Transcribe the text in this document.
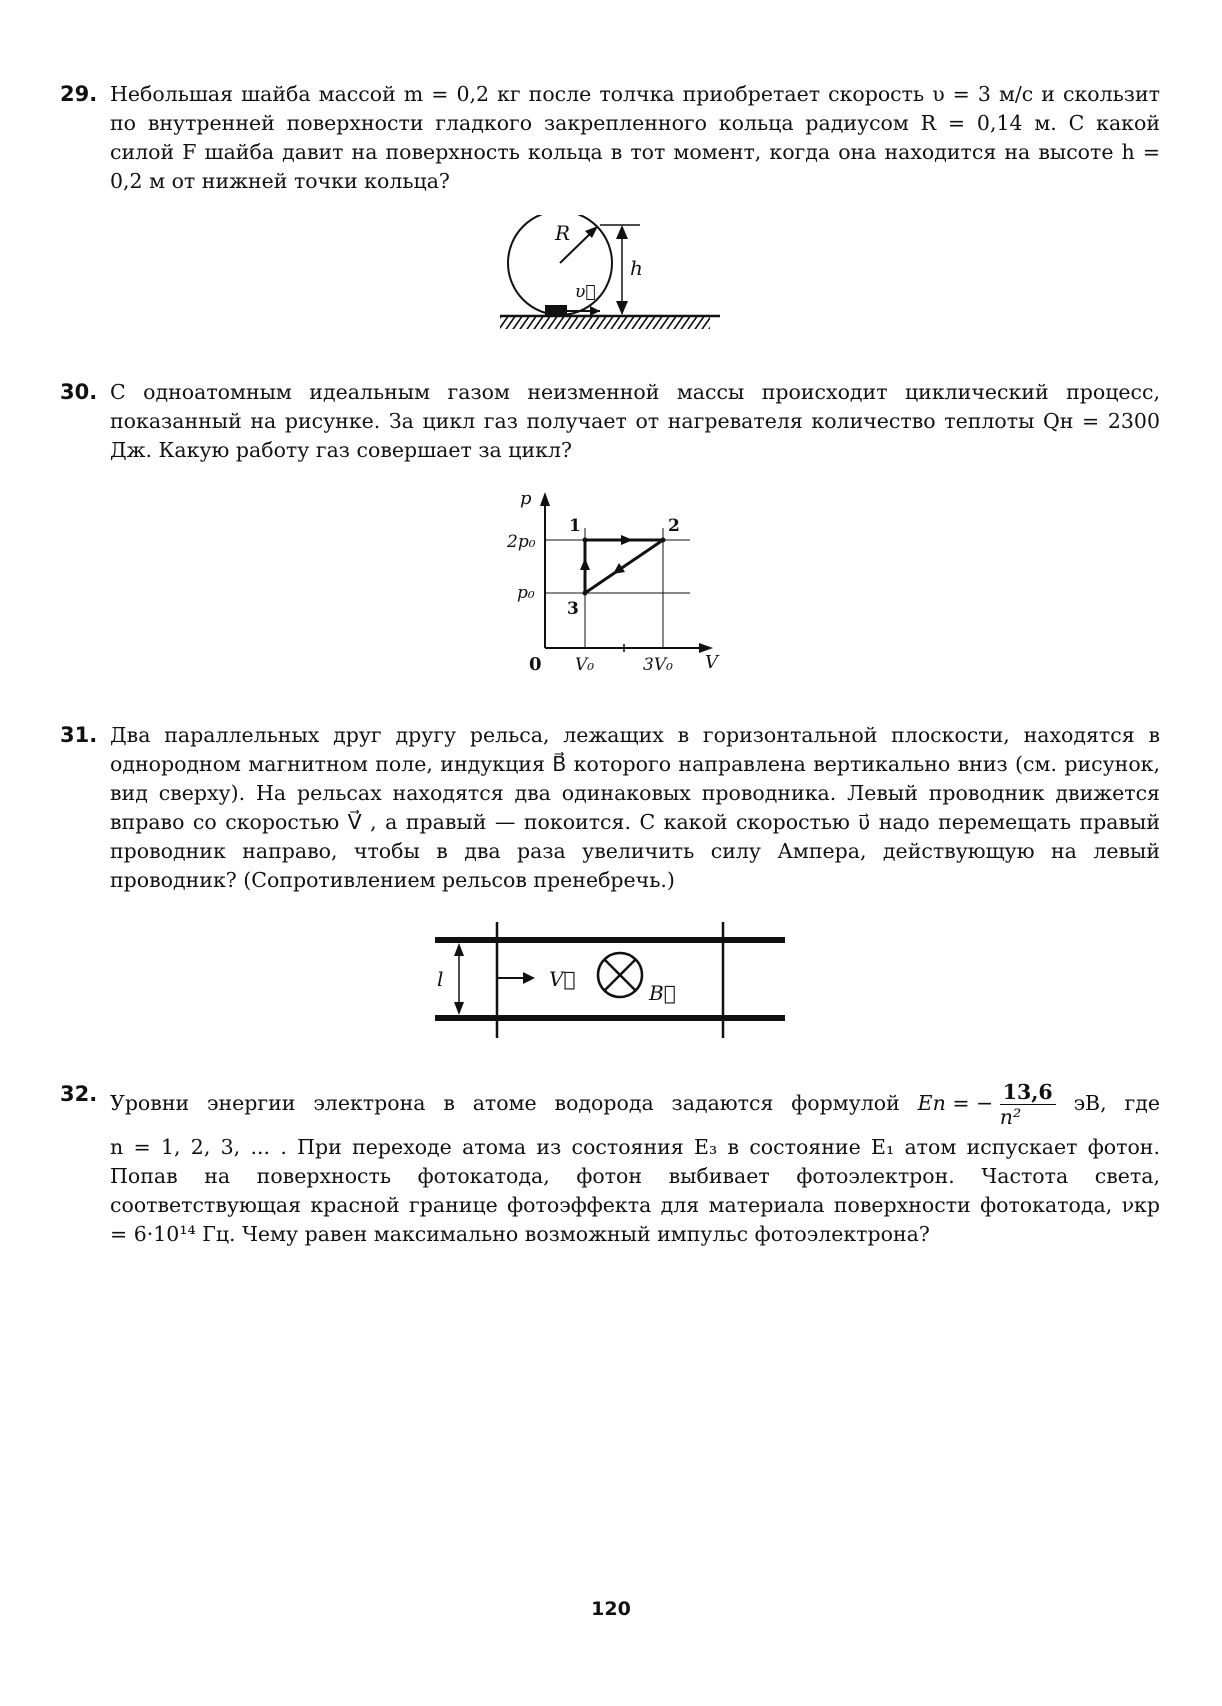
29. Небольшая шайба массой m = 0,2 кг после толчка приобретает скорость υ = 3 м/с и скользит по внутренней поверхности гладкого закрепленного кольца радиусом R = 0,14 м. С какой силой F шайба давит на поверхность кольца в тот момент, когда она находится на высоте h = 0,2 м от нижней точки кольца?

R
h
υ⃗
30. С одноатомным идеальным газом неизменной массы происходит циклический процесс, показанный на рисунке. За цикл газ получает от нагревателя количество теплоты Qн = 2300 Дж. Какую работу газ совершает за цикл?

p
V
0
2p₀
p₀
V₀	3V₀
1	2
3
31. Два параллельных друг другу рельса, лежащих в горизонтальной плоскости, находятся в однородном магнитном поле, индукция B⃗ которого направлена вертикально вниз (см. рисунок, вид сверху). На рельсах находятся два одинаковых проводника. Левый проводник движется вправо со скоростью V⃗ , а правый — покоится. С какой скоростью υ⃗ надо перемещать правый проводник направо, чтобы в два раза увеличить силу Ампера, действующую на левый проводник? (Сопротивлением рельсов пренебречь.)

l	V⃗
B⃗
32. Уровни энергии электрона в атоме водорода задаются формулой En = − $\frac{13,6}{\text{n²}}$ эВ, где

n = 1, 2, 3, ... . При переходе атома из состояния E₃ в состояние E₁ атом испускает фотон. Попав на поверхность фотокатода, фотон выбивает фотоэлектрон. Частота света, соответствующая красной границе фотоэффекта для материала поверхности фотокатода, νкр = 6·10¹⁴ Гц. Чему равен максимально возможный импульс фотоэлектрона?

120
